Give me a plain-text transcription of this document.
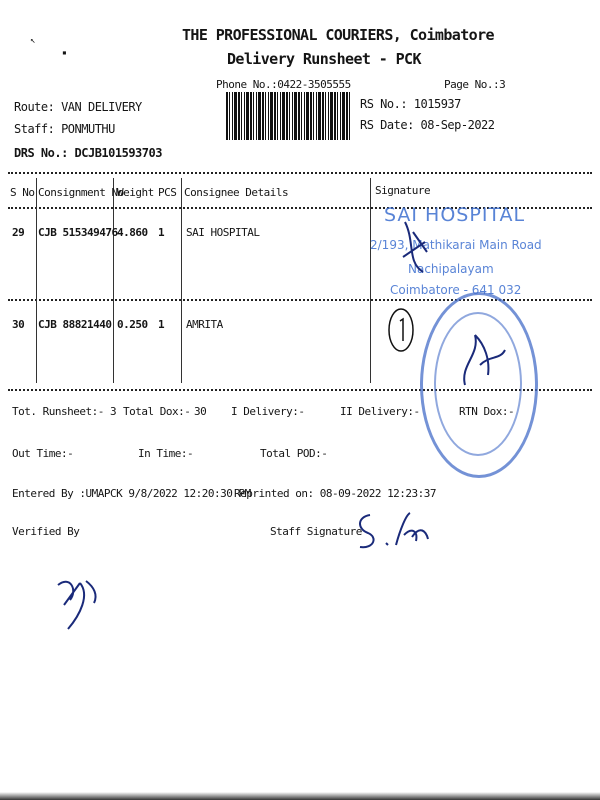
THE PROFESSIONAL COURIERS, Coimbatore
Delivery Runsheet - PCK
Phone No.:0422-3505555	Page No.:3
↖
▪
Route: VAN DELIVERY
Staff: PONMUTHU
DRS No.: DCJB101593703
RS No.: 1015937
RS Date: 08-Sep-2022
S No Consignment No
Weight PCS Consignee Details	Signature
29 CJB 515349476 4.860 1 SAI HOSPITAL
30 CJB 88821440 0.250 1 AMRITA
SAI HOSPITAL
2/193, Mathikarai Main Road
Nachipalayam
Coimbatore - 641 032
Tot. Runsheet:- 3 Total Dox:- 30 I Delivery:-	II Delivery:-	RTN Dox:-
Out Time:-	In Time:-	Total POD:-
Entered By :UMAPCK 9/8/2022 12:20:30 PM
Reprinted on: 08-09-2022 12:23:37
Verified By	Staff Signature
